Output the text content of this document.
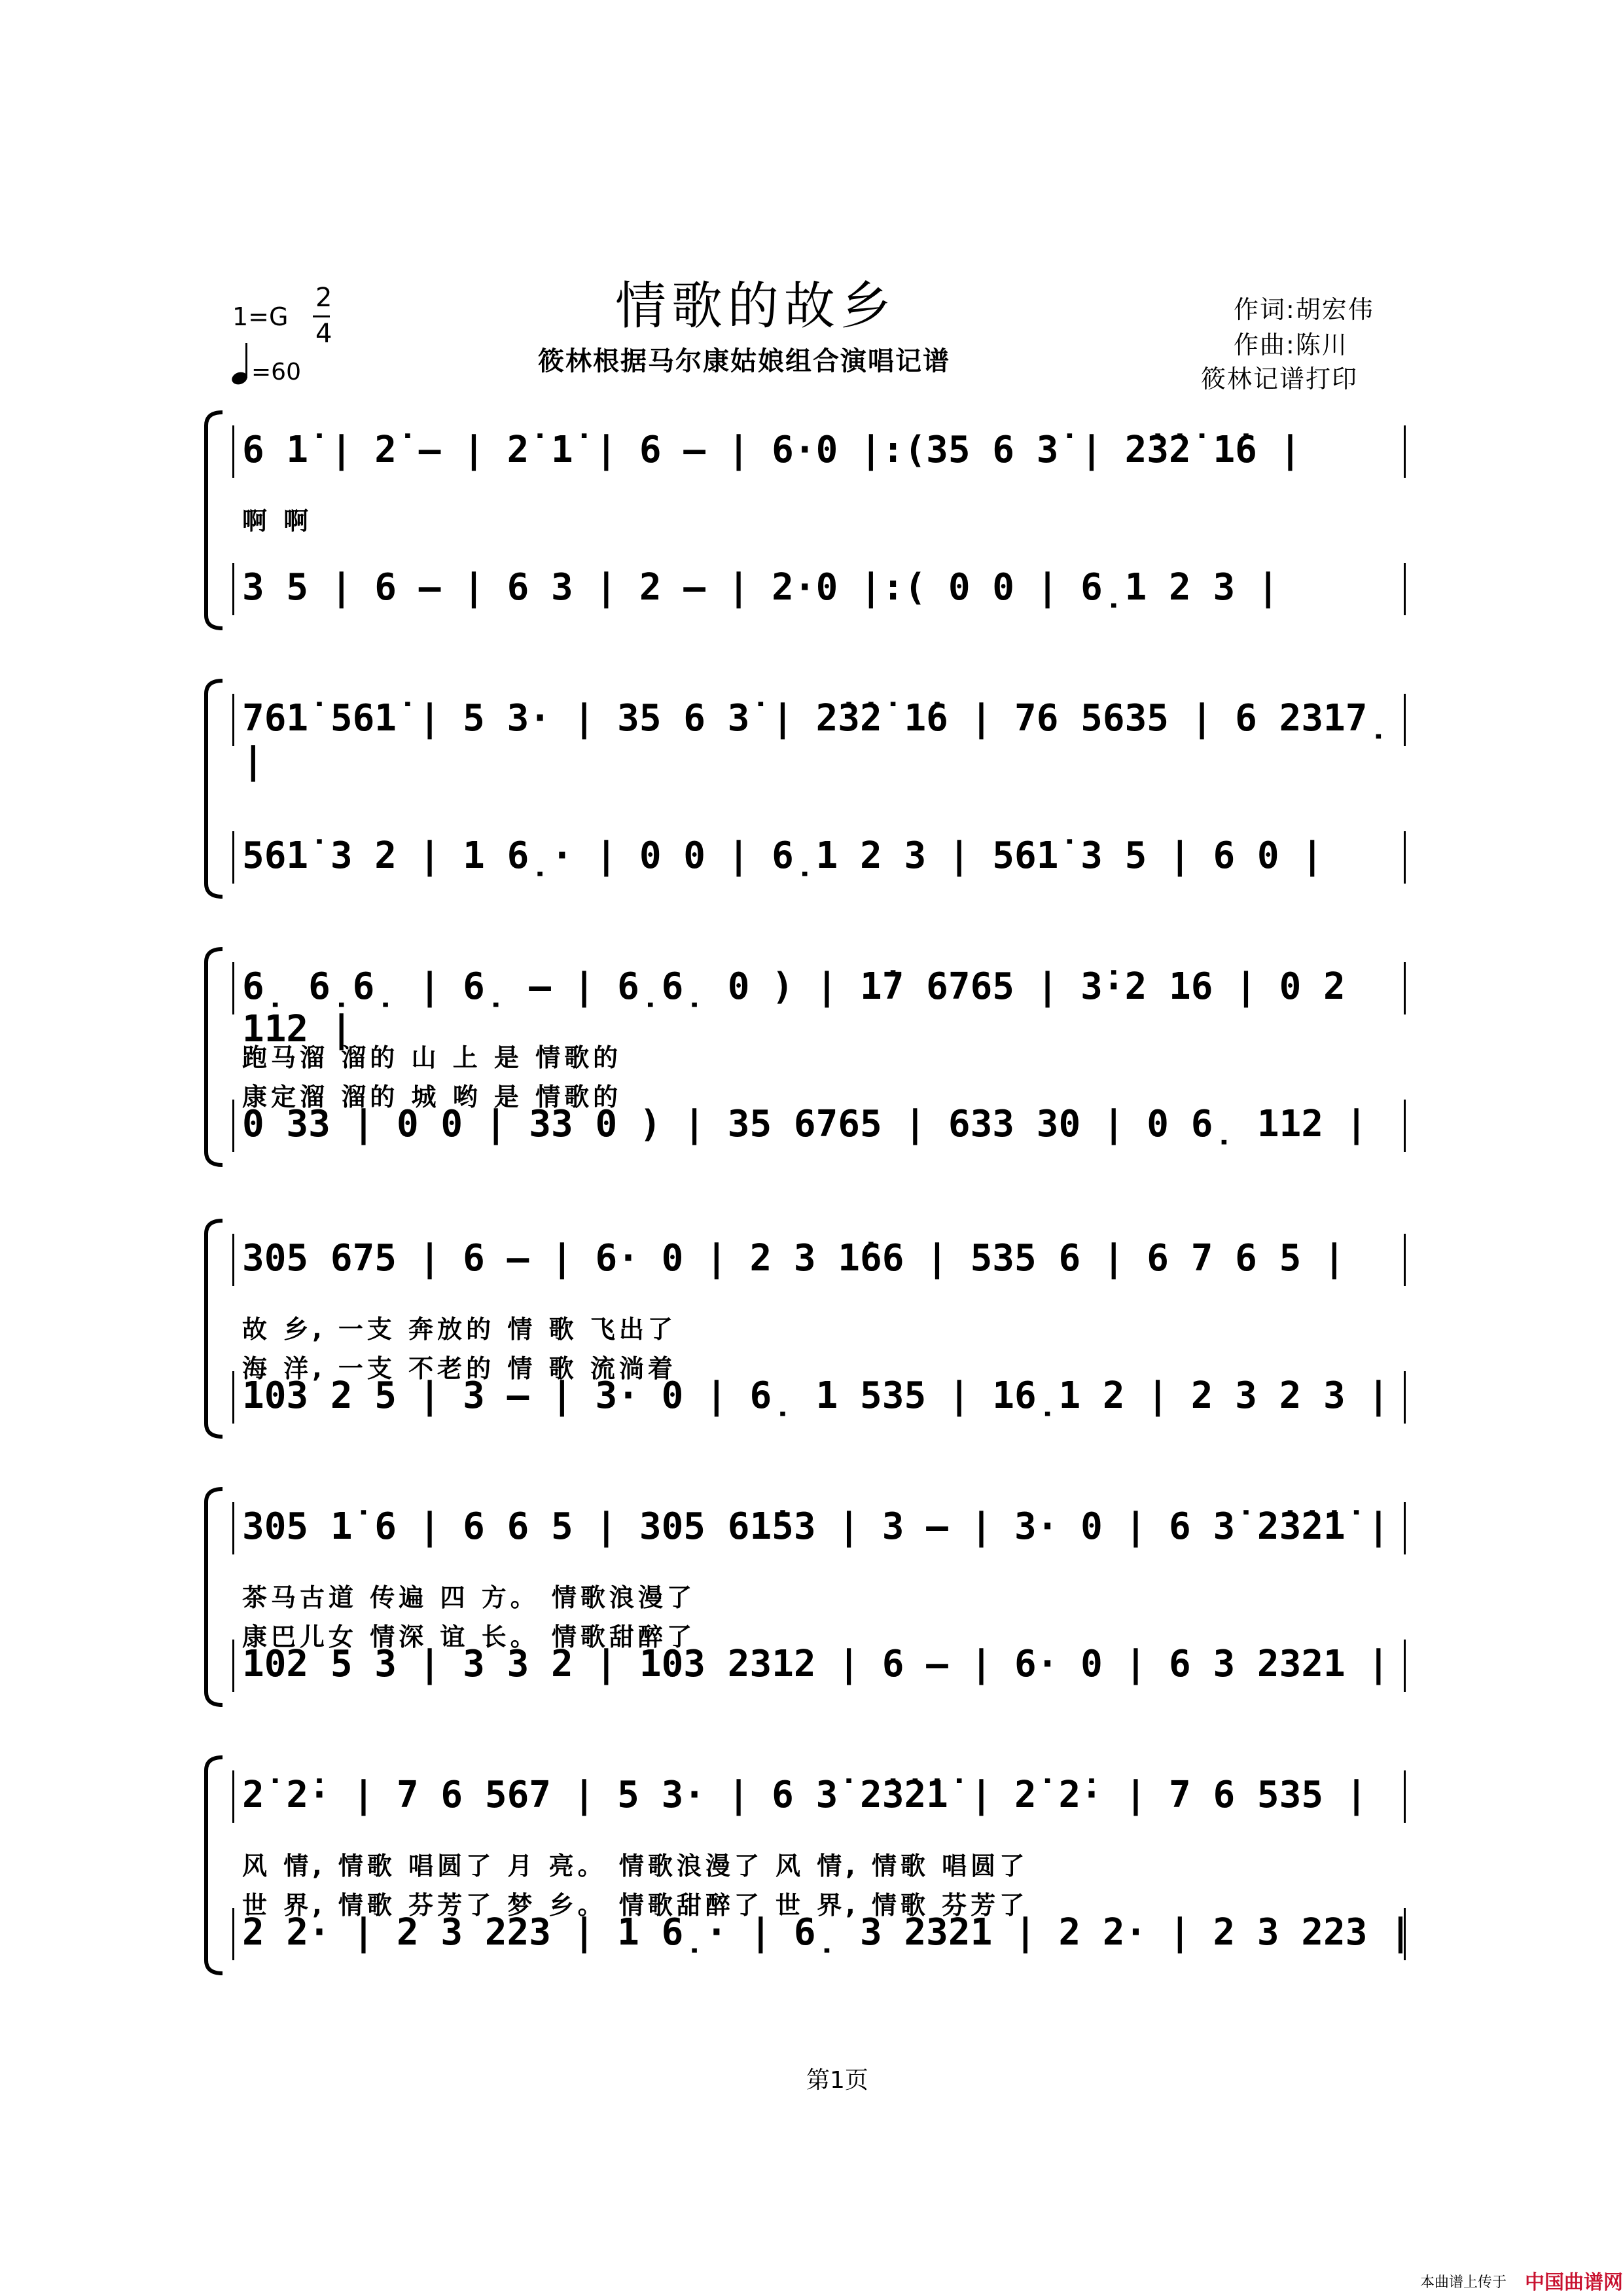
情歌的故乡
筱林根据马尔康姑娘组合演唱记谱
作词:胡宏伟
作曲:陈川
筱林记谱打印
1=G
2
4
=60
6 1̇ | 2̇ – | 2̇ 1̇ | 6 – | 6·0 |:(35 6 3̇ | 2̇3̇2̇ 1̇6 |
啊 啊
3 5 | 6 – | 6 3 | 2 – | 2·0 |:( 0 0 | 6̣1 2 3 |
761̇ 561̇ | 5 3· | 35 6 3̇ | 2̇3̇2̇ 1̇6 | 76 5635 | 6 2317̣ |
561̇ 3 2 | 1 6̣· | 0 0 | 6̣1 2 3 | 561̇ 3 5 | 6 0 |
6̣ 6̣6̣ | 6̣ – | 6̣6̣ 0 ) | 1̇7 6765 | 3̇·2 16 | 0 2 112 |
跑马溜 溜的 山 上 是 情歌的
康定溜 溜的 城 哟 是 情歌的
0 33 | 0 0 | 33 0 ) | 35 6765 | 633 30 | 0 6̣ 112 |
305 675 | 6 – | 6· 0 | 2 3 1̇66 | 535 6 | 6 7 6 5 |
故 乡, 一支 奔放的 情 歌 飞出了
海 洋, 一支 不老的 情 歌 流淌着
103 2 5 | 3 – | 3· 0 | 6̣ 1 535 | 16̣1 2 | 2 3 2 3 |
305 1̇ 6 | 6 6 5 | 305 61̇53 | 3 – | 3· 0 | 6 3̇ 2̇3̇2̇1̇ |
茶马古道 传遍 四 方。 情歌浪漫了
康巴儿女 情深 谊 长。 情歌甜醉了
102 5 3 | 3 3 2 | 103 2312 | 6 – | 6· 0 | 6 3 2321 |
2̇ 2̇· | 7 6 567 | 5 3· | 6 3̇ 2̇3̇2̇1̇ | 2̇ 2̇· | 7 6 535 |
风 情, 情歌 唱圆了 月 亮。 情歌浪漫了 风 情, 情歌 唱圆了
世 界, 情歌 芬芳了 梦 乡。 情歌甜醉了 世 界, 情歌 芬芳了
2 2· | 2 3 223 | 1 6̣· | 6̣ 3 2321 | 2 2· | 2 3 223 |
第1页
本曲谱上传于 中国曲谱网
